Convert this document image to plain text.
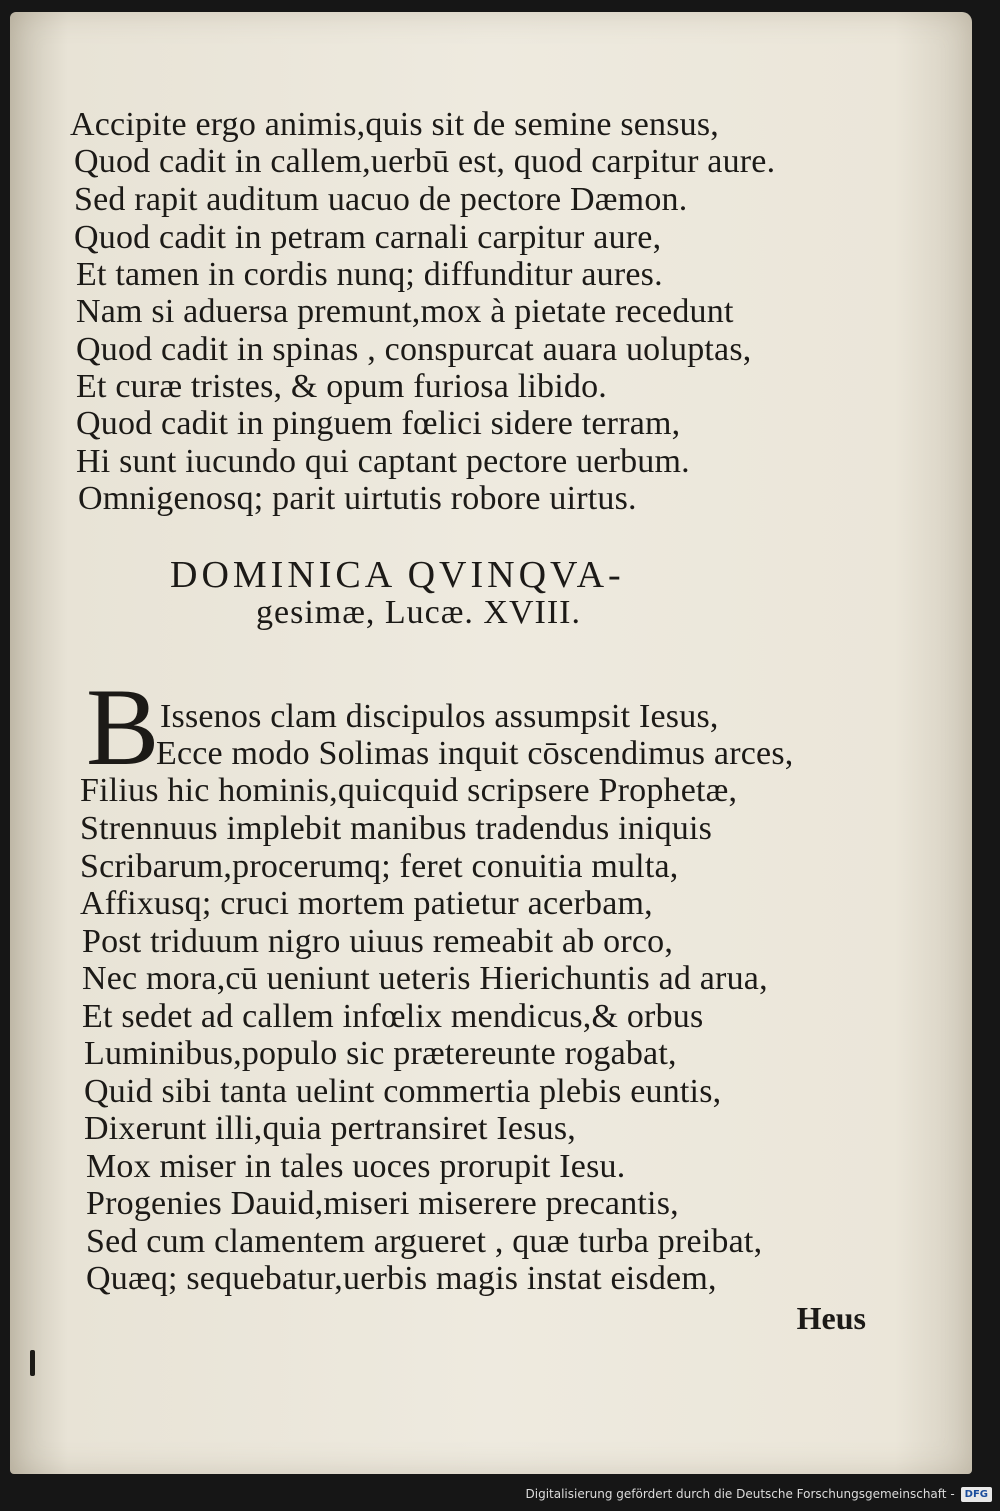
Accipite ergo animis,quis sit de semine sensus,
Quod cadit in callem,uerbū est, quod carpitur aure.
Sed rapit auditum uacuo de pectore Dæmon.
Quod cadit in petram carnali carpitur aure,
Et tamen in cordis nunq; diffunditur aures.
Nam si aduersa premunt,mox à pietate recedunt
Quod cadit in spinas , conspurcat auara uoluptas,
Et curæ tristes, & opum furiosa libido.
Quod cadit in pinguem fœlici sidere terram,
Hi sunt iucundo qui captant pectore uerbum.
Omnigenosq; parit uirtutis robore uirtus.
DOMINICA QVINQVA-
gesimæ, Lucæ. XVIII.
B Issenos clam discipulos assumpsit Iesus,
Ecce modo Solimas inquit cōscendimus arces,
Filius hic hominis,quicquid scripsere Prophetæ,
Strennuus implebit manibus tradendus iniquis
Scribarum,procerumq; feret conuitia multa,
Affixusq; cruci mortem patietur acerbam,
Post triduum nigro uiuus remeabit ab orco,
Nec mora,cū ueniunt ueteris Hierichuntis ad arua,
Et sedet ad callem infœlix mendicus,& orbus
Luminibus,populo sic prætereunte rogabat,
Quid sibi tanta uelint commertia plebis euntis,
Dixerunt illi,quia pertransiret Iesus,
Mox miser in tales uoces prorupit Iesu.
Progenies Dauid,miseri miserere precantis,
Sed cum clamentem argueret , quæ turba preibat,
Quæq; sequebatur,uerbis magis instat eisdem,
Heus
Digitalisierung gefördert durch die Deutsche Forschungsgemeinschaft -	DFG
